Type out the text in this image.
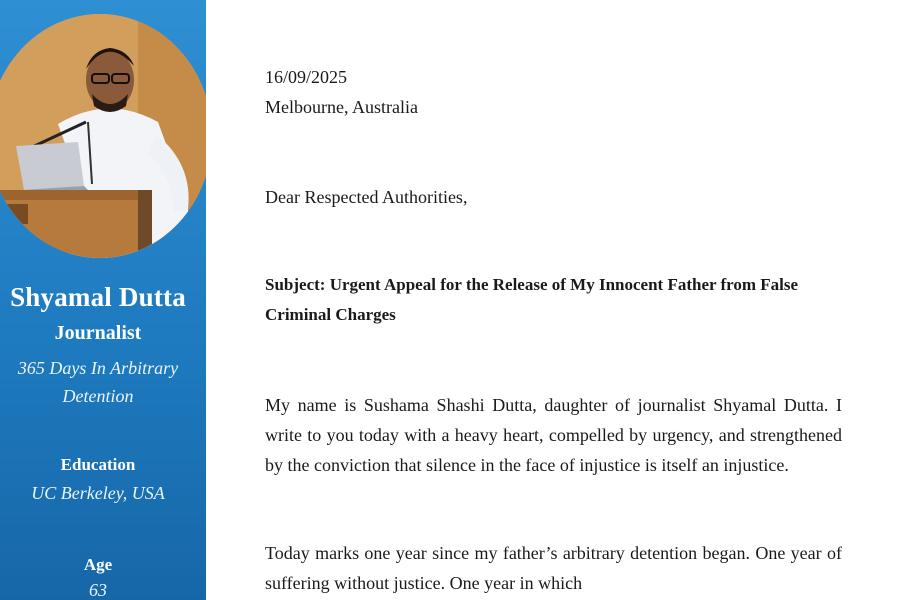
Shyamal Dutta
Journalist
365 Days In Arbitrary Detention
Education
UC Berkeley, USA
Age
63
16/09/2025
Melbourne, Australia
Dear Respected Authorities,
Subject: Urgent Appeal for the Release of My Innocent Father from False Criminal Charges
My name is Sushama Shashi Dutta, daughter of journalist Shyamal Dutta. I write to you today with a heavy heart, compelled by urgency, and strengthened by the conviction that silence in the face of injustice is itself an injustice.
Today marks one year since my father’s arbitrary detention began. One year of suffering without justice. One year in which
